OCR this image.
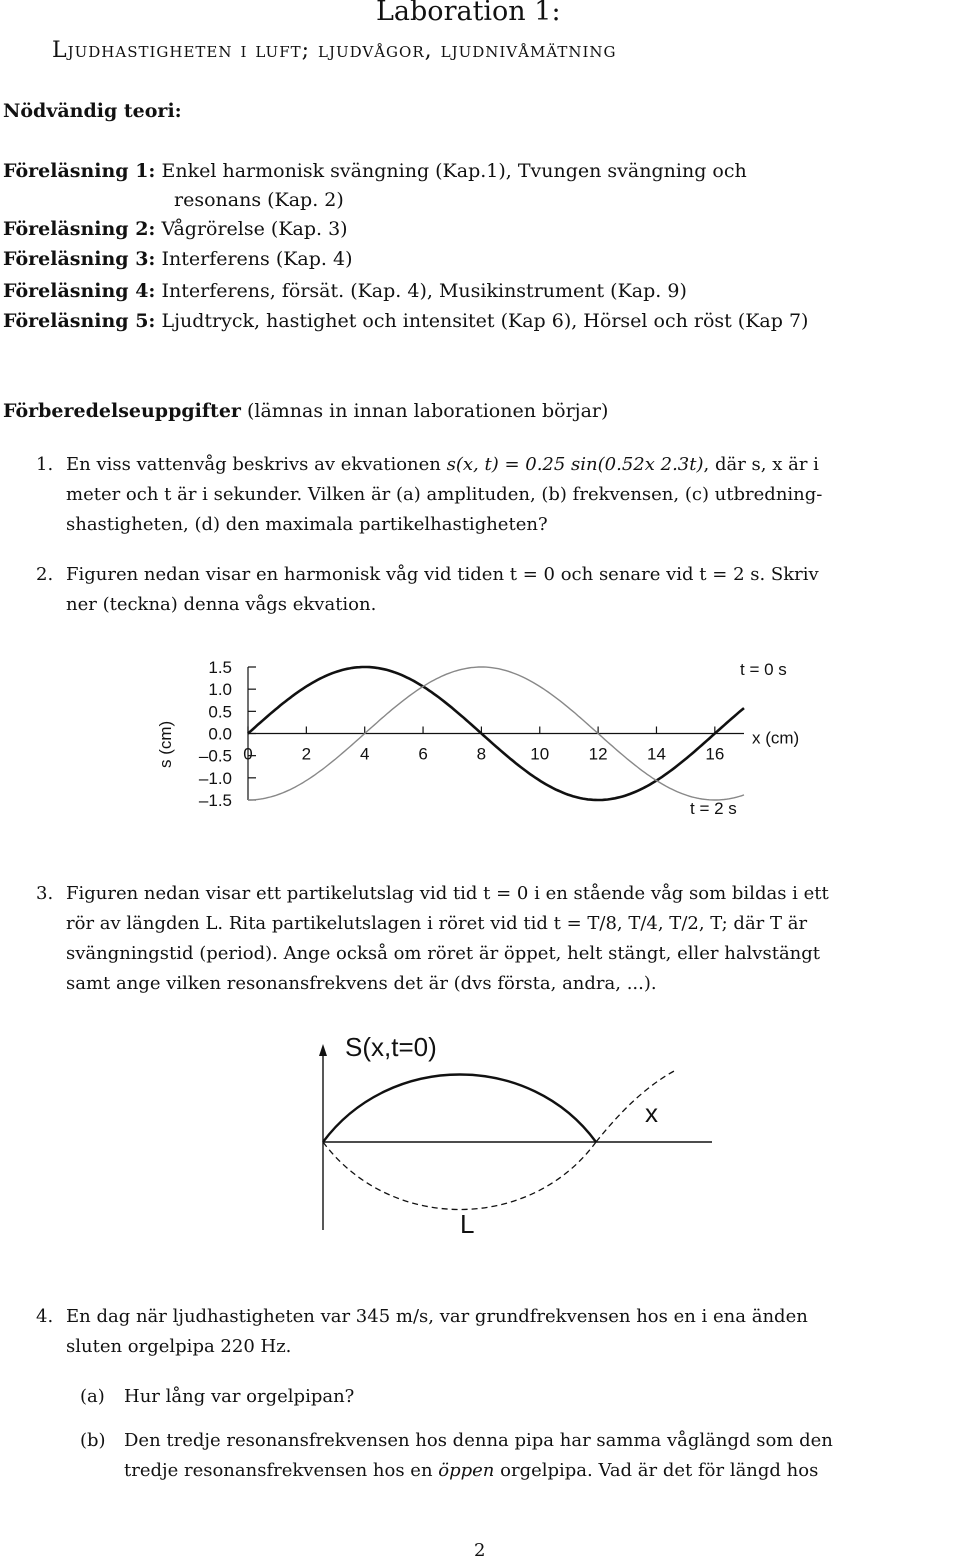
Laboration 1:
Ljudhastigheten i luft; ljudvågor, ljudnivåmätning
Nödvändig teori:
Föreläsning 1: Enkel harmonisk svängning (Kap.1), Tvungen svängning och
resonans (Kap. 2)
Föreläsning 2: Vågrörelse (Kap. 3)
Föreläsning 3: Interferens (Kap. 4)
Föreläsning 4: Interferens, försät. (Kap. 4), Musikinstrument (Kap. 9)
Föreläsning 5: Ljudtryck, hastighet och intensitet (Kap 6), Hörsel och röst (Kap 7)
Förberedelseuppgifter (lämnas in innan laborationen börjar)
1. En viss vattenvåg beskrivs av ekvationen s(x, t) = 0.25 sin(0.52x 2.3t), där s, x är i
meter och t är i sekunder. Vilken är (a) amplituden, (b) frekvensen, (c) utbredning-
shastigheten, (d) den maximala partikelhastigheten?
2. Figuren nedan visar en harmonisk våg vid tiden t = 0 och senare vid t = 2 s. Skriv
ner (teckna) denna vågs ekvation.
1.5
1.0
0.5
0.0
–0.5
–1.0
–1.5
0	2	4	6	8	10 12 14 16
t = 0 s
t = 2 s
x (cm)
s (cm)
3. Figuren nedan visar ett partikelutslag vid tid t = 0 i en stående våg som bildas i ett
rör av längden L. Rita partikelutslagen i röret vid tid t = T/8, T/4, T/2, T; där T är
svängningstid (period). Ange också om röret är öppet, helt stängt, eller halvstängt
samt ange vilken resonansfrekvens det är (dvs första, andra, ...).
S(x,t=0)
x
L
4. En dag när ljudhastigheten var 345 m/s, var grundfrekvensen hos en i ena änden
sluten orgelpipa 220 Hz.
(a) Hur lång var orgelpipan?
(b) Den tredje resonansfrekvensen hos denna pipa har samma våglängd som den
tredje resonansfrekvensen hos en öppen orgelpipa. Vad är det för längd hos
2
